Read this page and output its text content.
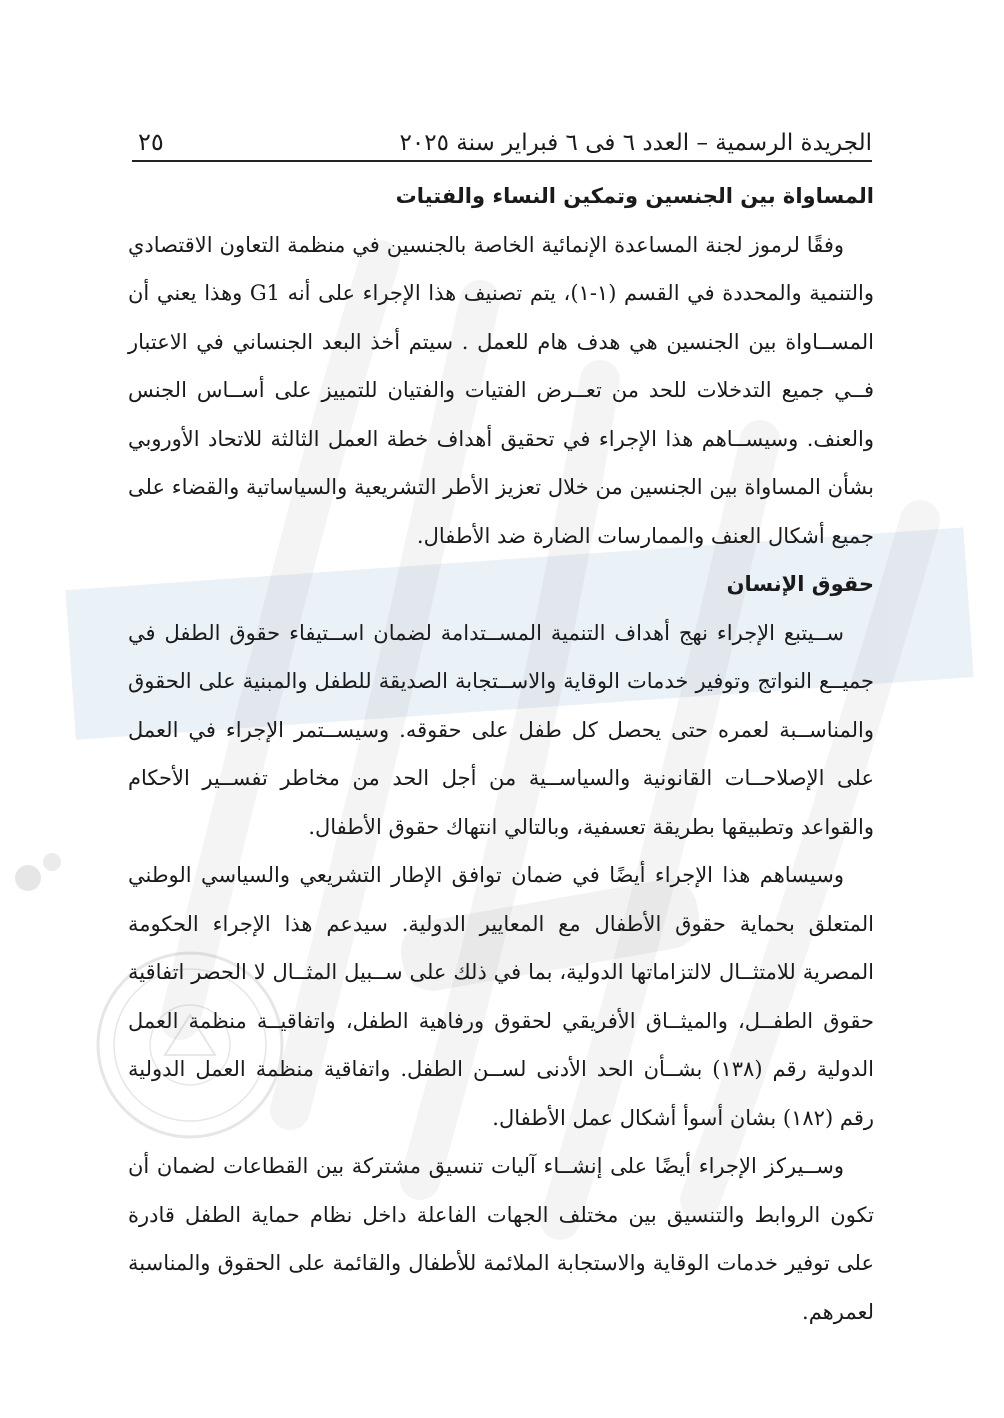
الجريدة الرسمية – العدد ٦ فى ٦ فبراير سنة ٢٠٢٥
٢٥
المساواة بين الجنسين وتمكين النساء والفتيات

وفقًا لرموز لجنة المساعدة الإنمائية الخاصة بالجنسين في منظمة التعاون الاقتصادي والتنمية والمحددة في القسم (١-١)، يتم تصنيف هذا الإجراء على أنه G1 وهذا يعني أن المســاواة بين الجنسين هي هدف هام للعمل . سيتم أخذ البعد الجنساني في الاعتبار فــي جميع التدخلات للحد من تعــرض الفتيات والفتيان للتمييز على أســاس الجنس والعنف. وسيســاهم هذا الإجراء في تحقيق أهداف خطة العمل الثالثة للاتحاد الأوروبي بشأن المساواة بين الجنسين من خلال تعزيز الأطر التشريعية والسياساتية والقضاء على جميع أشكال العنف والممارسات الضارة ضد الأطفال.

حقوق الإنسان

ســيتبع الإجراء نهج أهداف التنمية المســتدامة لضمان اســتيفاء حقوق الطفل في جميــع النواتج وتوفير خدمات الوقاية والاســتجابة الصديقة للطفل والمبنية على الحقوق والمناســبة لعمره حتى يحصل كل طفل على حقوقه. وسيســتمر الإجراء في العمل على الإصلاحــات القانونية والسياســية من أجل الحد من مخاطر تفســير الأحكام والقواعد وتطبيقها بطريقة تعسفية، وبالتالي انتهاك حقوق الأطفال.

وسيساهم هذا الإجراء أيضًا في ضمان توافق الإطار التشريعي والسياسي الوطني المتعلق بحماية حقوق الأطفال مع المعايير الدولية. سيدعم هذا الإجراء الحكومة المصرية للامتثــال لالتزاماتها الدولية، بما في ذلك على ســبيل المثــال لا الحصر اتفاقية حقوق الطفــل، والميثــاق الأفريقي لحقوق ورفاهية الطفل، واتفاقيــة منظمة العمل الدولية رقم (١٣٨) بشــأن الحد الأدنى لســن الطفل. واتفاقية منظمة العمل الدولية رقم (١٨٢) بشان أسوأ أشكال عمل الأطفال.

وســيركز الإجراء أيضًا على إنشــاء آليات تنسيق مشتركة بين القطاعات لضمان أن تكون الروابط والتنسيق بين مختلف الجهات الفاعلة داخل نظام حماية الطفل قادرة على توفير خدمات الوقاية والاستجابة الملائمة للأطفال والقائمة على الحقوق والمناسبة لعمرهم.
